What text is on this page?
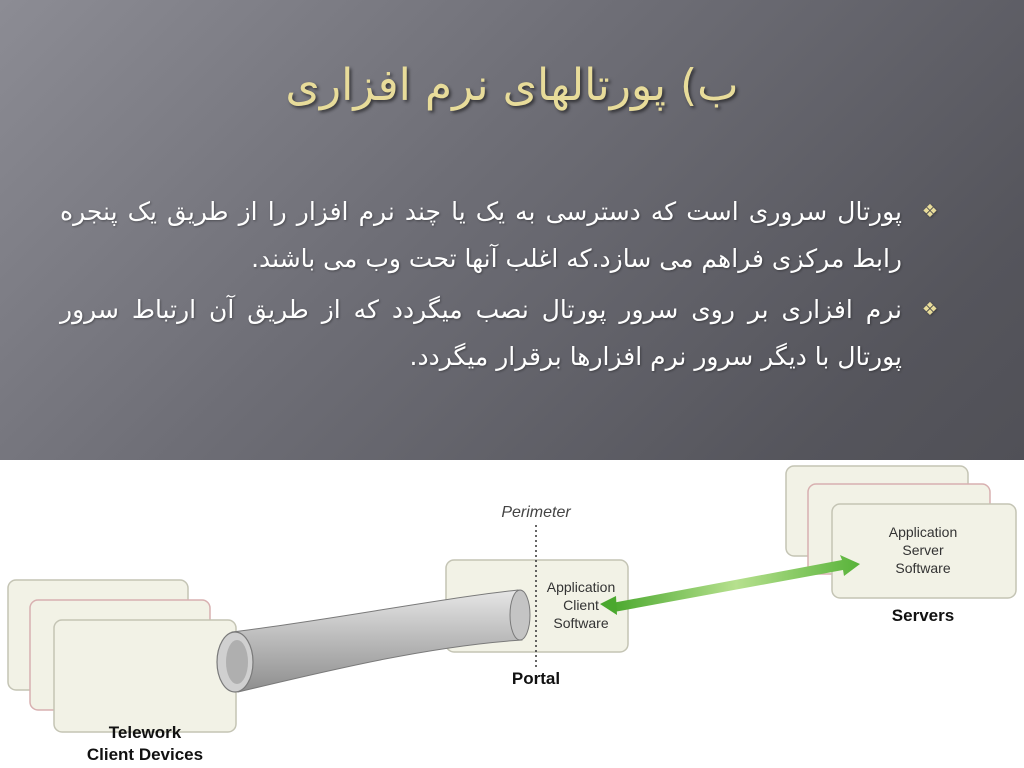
ب) پورتالهای نرم افزاری
❖
پورتال سروری است که دسترسی به یک یا چند نرم افزار را از طریق یک پنجره رابط مرکزی فراهم می سازد.که اغلب آنها تحت وب می باشند.
❖
نرم افزاری بر روی سرور پورتال نصب میگردد که از طریق آن ارتباط سرور پورتال با دیگر سرور نرم افزارها برقرار میگردد.
Perimeter
Application
Client
Software
Portal
Application
Server
Software
Servers
Telework
Client Devices
